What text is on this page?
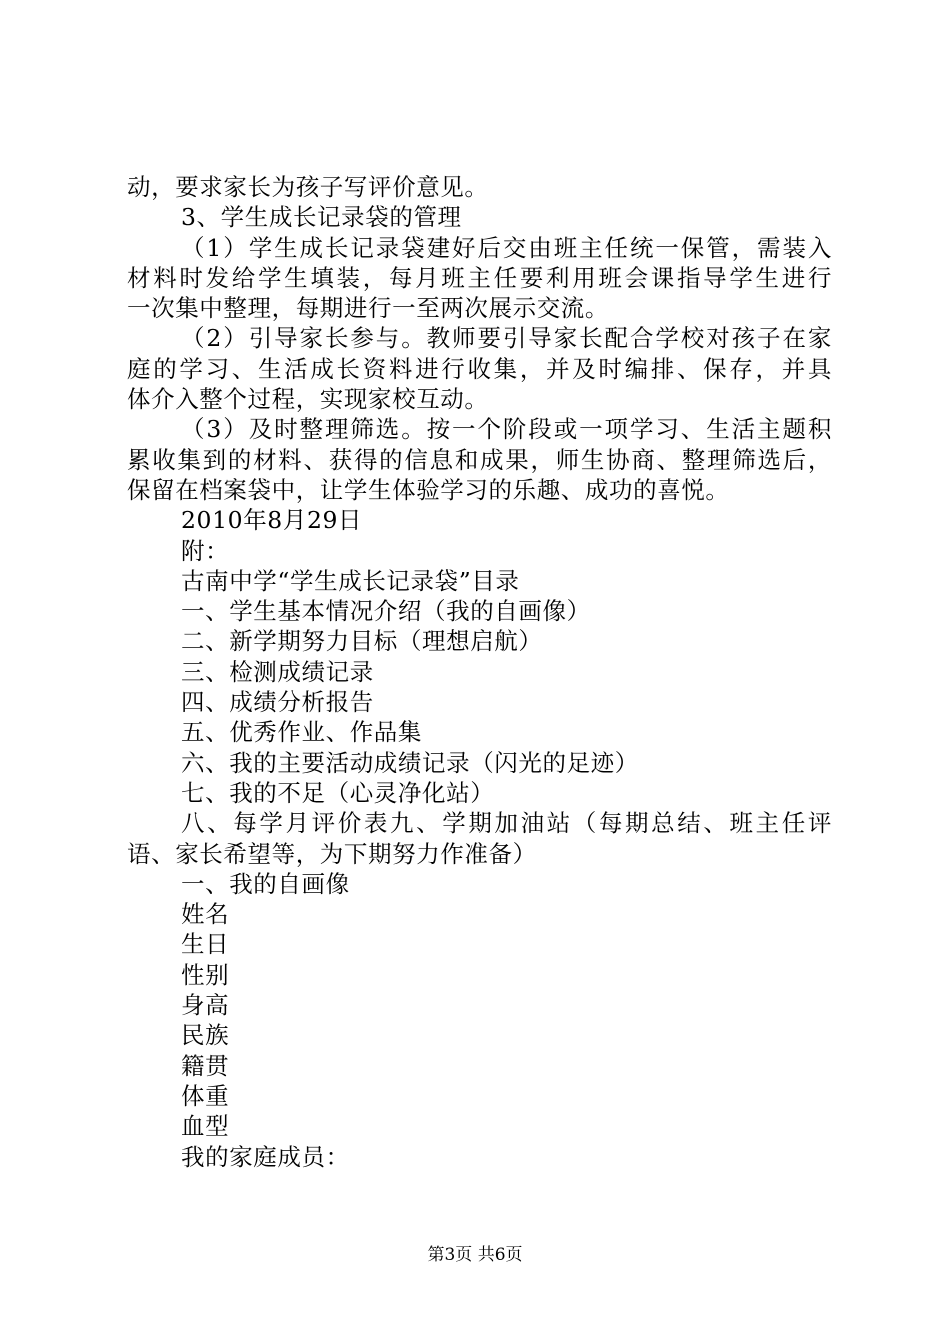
动，要求家长为孩子写评价意见。
3、学生成长记录袋的管理
（1）学生成长记录袋建好后交由班主任统一保管，需装入
材料时发给学生填装，每月班主任要利用班会课指导学生进行
一次集中整理，每期进行一至两次展示交流。
（2）引导家长参与。教师要引导家长配合学校对孩子在家
庭的学习、生活成长资料进行收集，并及时编排、保存，并具
体介入整个过程，实现家校互动。
（3）及时整理筛选。按一个阶段或一项学习、生活主题积
累收集到的材料、获得的信息和成果，师生协商、整理筛选后，
保留在档案袋中，让学生体验学习的乐趣、成功的喜悦。
2010年8月29日
附：
古南中学“学生成长记录袋”目录
一、学生基本情况介绍（我的自画像）
二、新学期努力目标（理想启航）
三、检测成绩记录
四、成绩分析报告
五、优秀作业、作品集
六、我的主要活动成绩记录（闪光的足迹）
七、我的不足（心灵净化站）
八、每学月评价表九、学期加油站（每期总结、班主任评
语、家长希望等，为下期努力作准备）
一、我的自画像
姓名
生日
性别
身高
民族
籍贯
体重
血型
我的家庭成员：
第3页 共6页
